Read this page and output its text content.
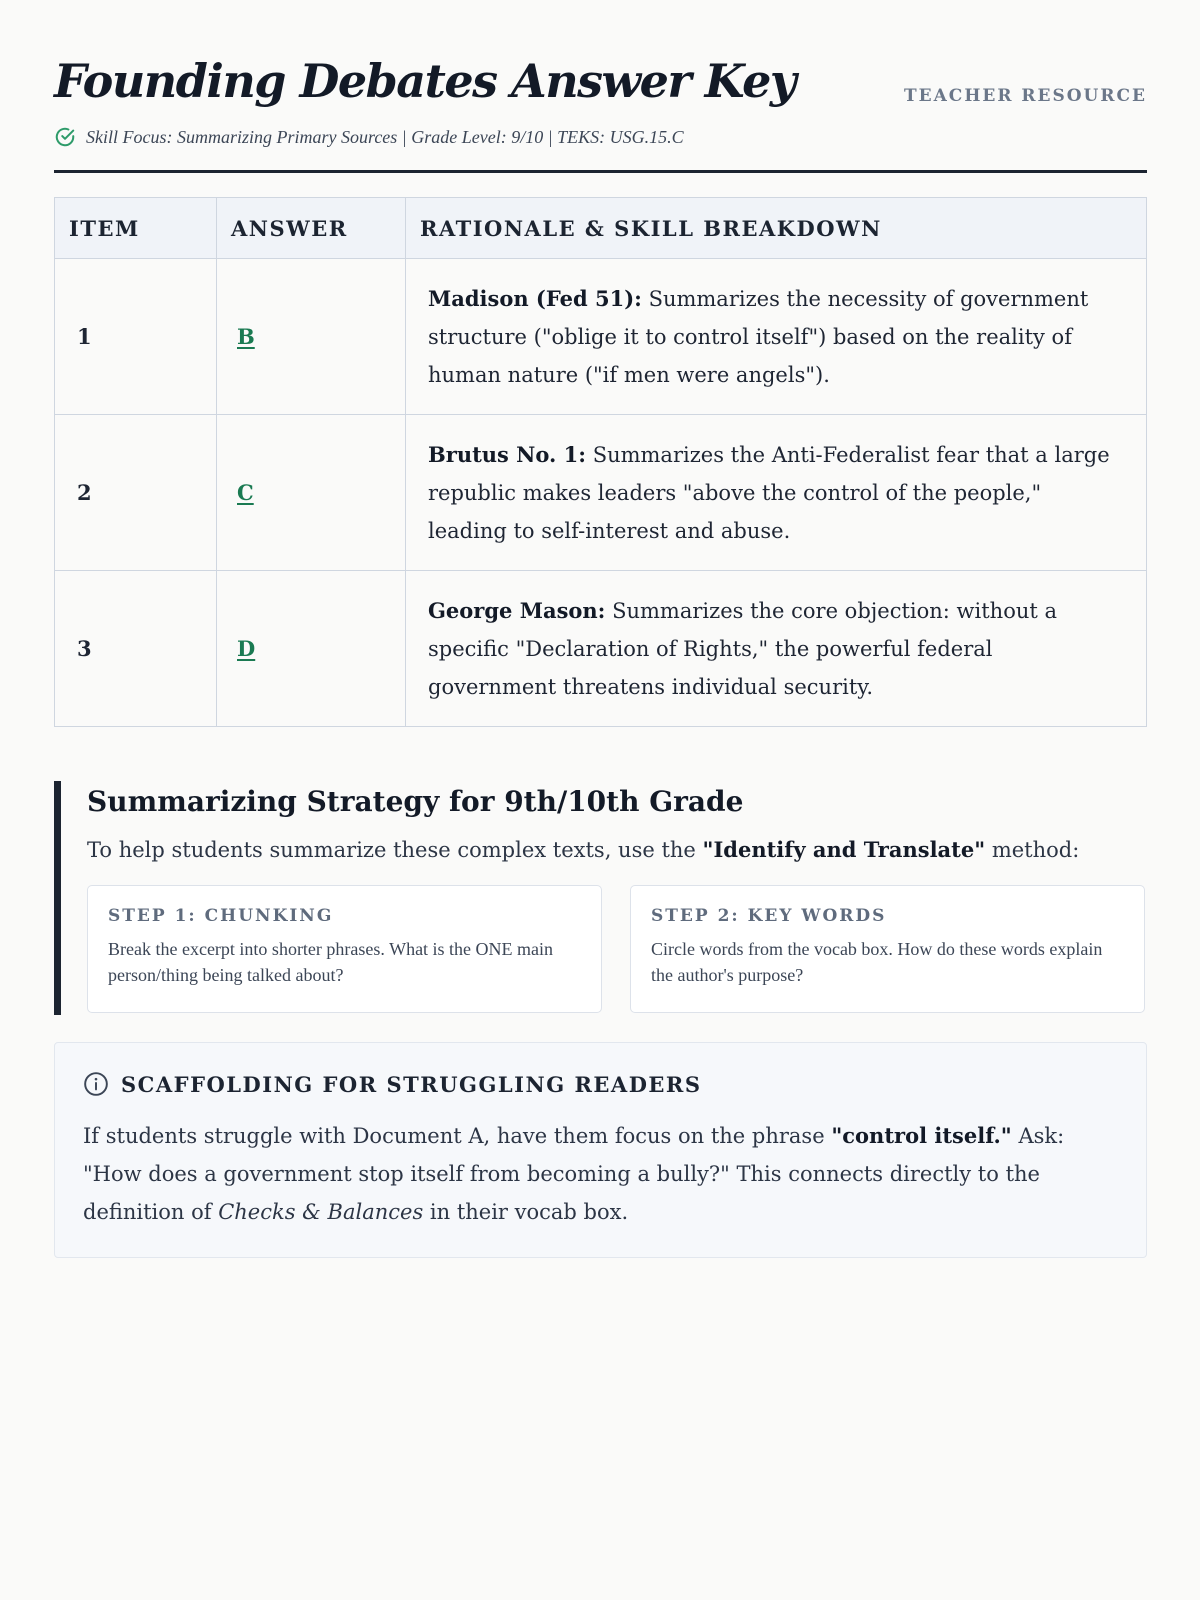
Founding Debates Answer Key	TEACHER RESOURCE
Skill Focus: Summarizing Primary Sources | Grade Level: 9/10 | TEKS: USG.15.C
ITEM	ANSWER	RATIONALE & SKILL BREAKDOWN
1	B	Madison (Fed 51): Summarizes the necessity of government structure ("oblige it to control itself") based on the reality of human nature ("if men were angels").
2	C	Brutus No. 1: Summarizes the Anti-Federalist fear that a large republic makes leaders "above the control of the people," leading to self-interest and abuse.
3	D	George Mason: Summarizes the core objection: without a specific "Declaration of Rights," the powerful federal government threatens individual security.
Summarizing Strategy for 9th/10th Grade

To help students summarize these complex texts, use the "Identify and Translate" method:

STEP 1: CHUNKING

Break the excerpt into shorter phrases. What is the ONE main person/thing being talked about?

STEP 2: KEY WORDS

Circle words from the vocab box. How do these words explain the author's purpose?

SCAFFOLDING FOR STRUGGLING READERS

If students struggle with Document A, have them focus on the phrase "control itself." Ask: "How does a government stop itself from becoming a bully?" This connects directly to the definition of Checks & Balances in their vocab box.
